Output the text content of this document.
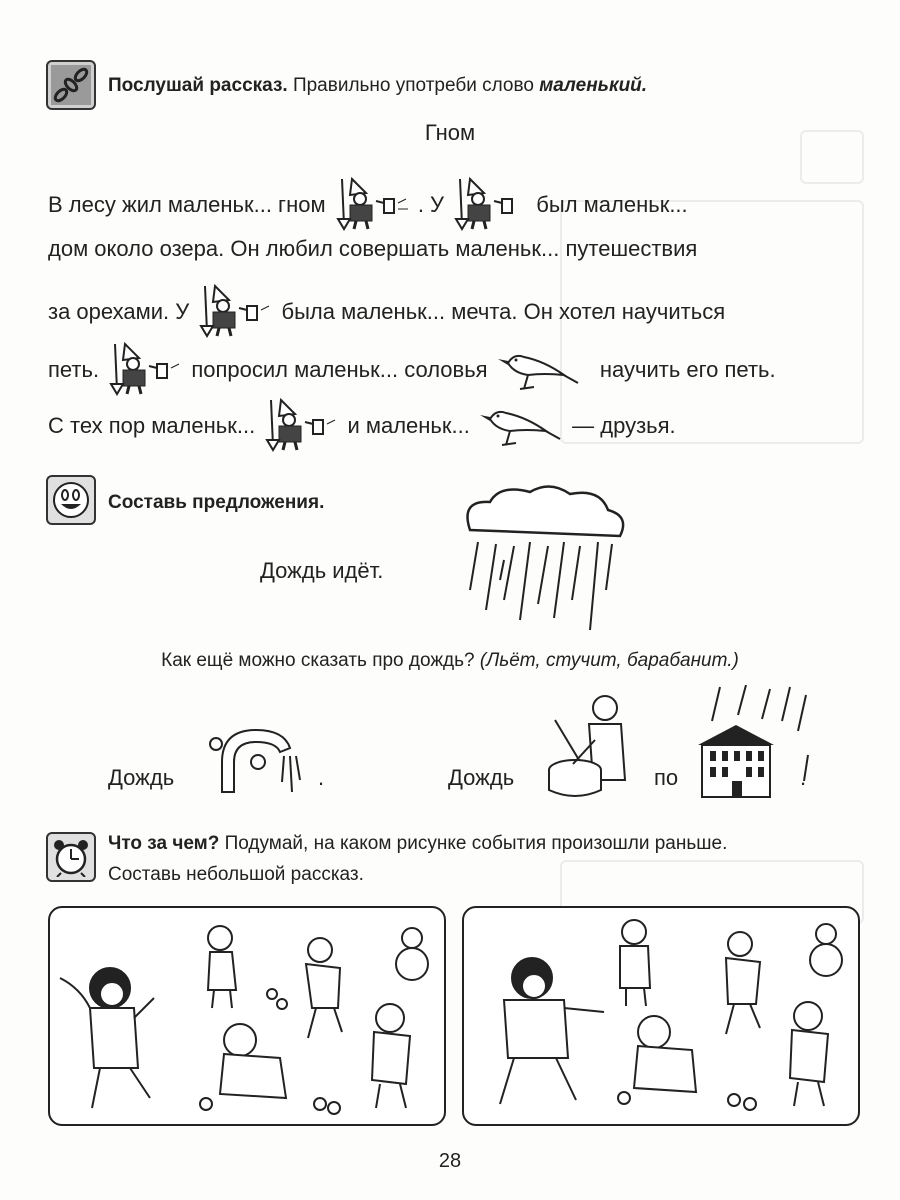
Послушай рассказ. Правильно употреби слово маленький.
Гном
В лесу жил маленьк... гном	. У	был маленьк...
дом около озера. Он любил совершать маленьк... путешествия
за орехами. У	была маленьк... мечта. Он хотел научиться
петь.	попросил маленьк... соловья	научить его петь.
С тех пор маленьк...	и маленьк...	— друзья.
Составь предложения.
Дождь идёт.
Как ещё можно сказать про дождь? (Льёт, стучит, барабанит.)
Дождь	.	Дождь	по	.
Что за чем? Подумай, на каком рисунке события произошли раньше.
Составь небольшой рассказ.
28
